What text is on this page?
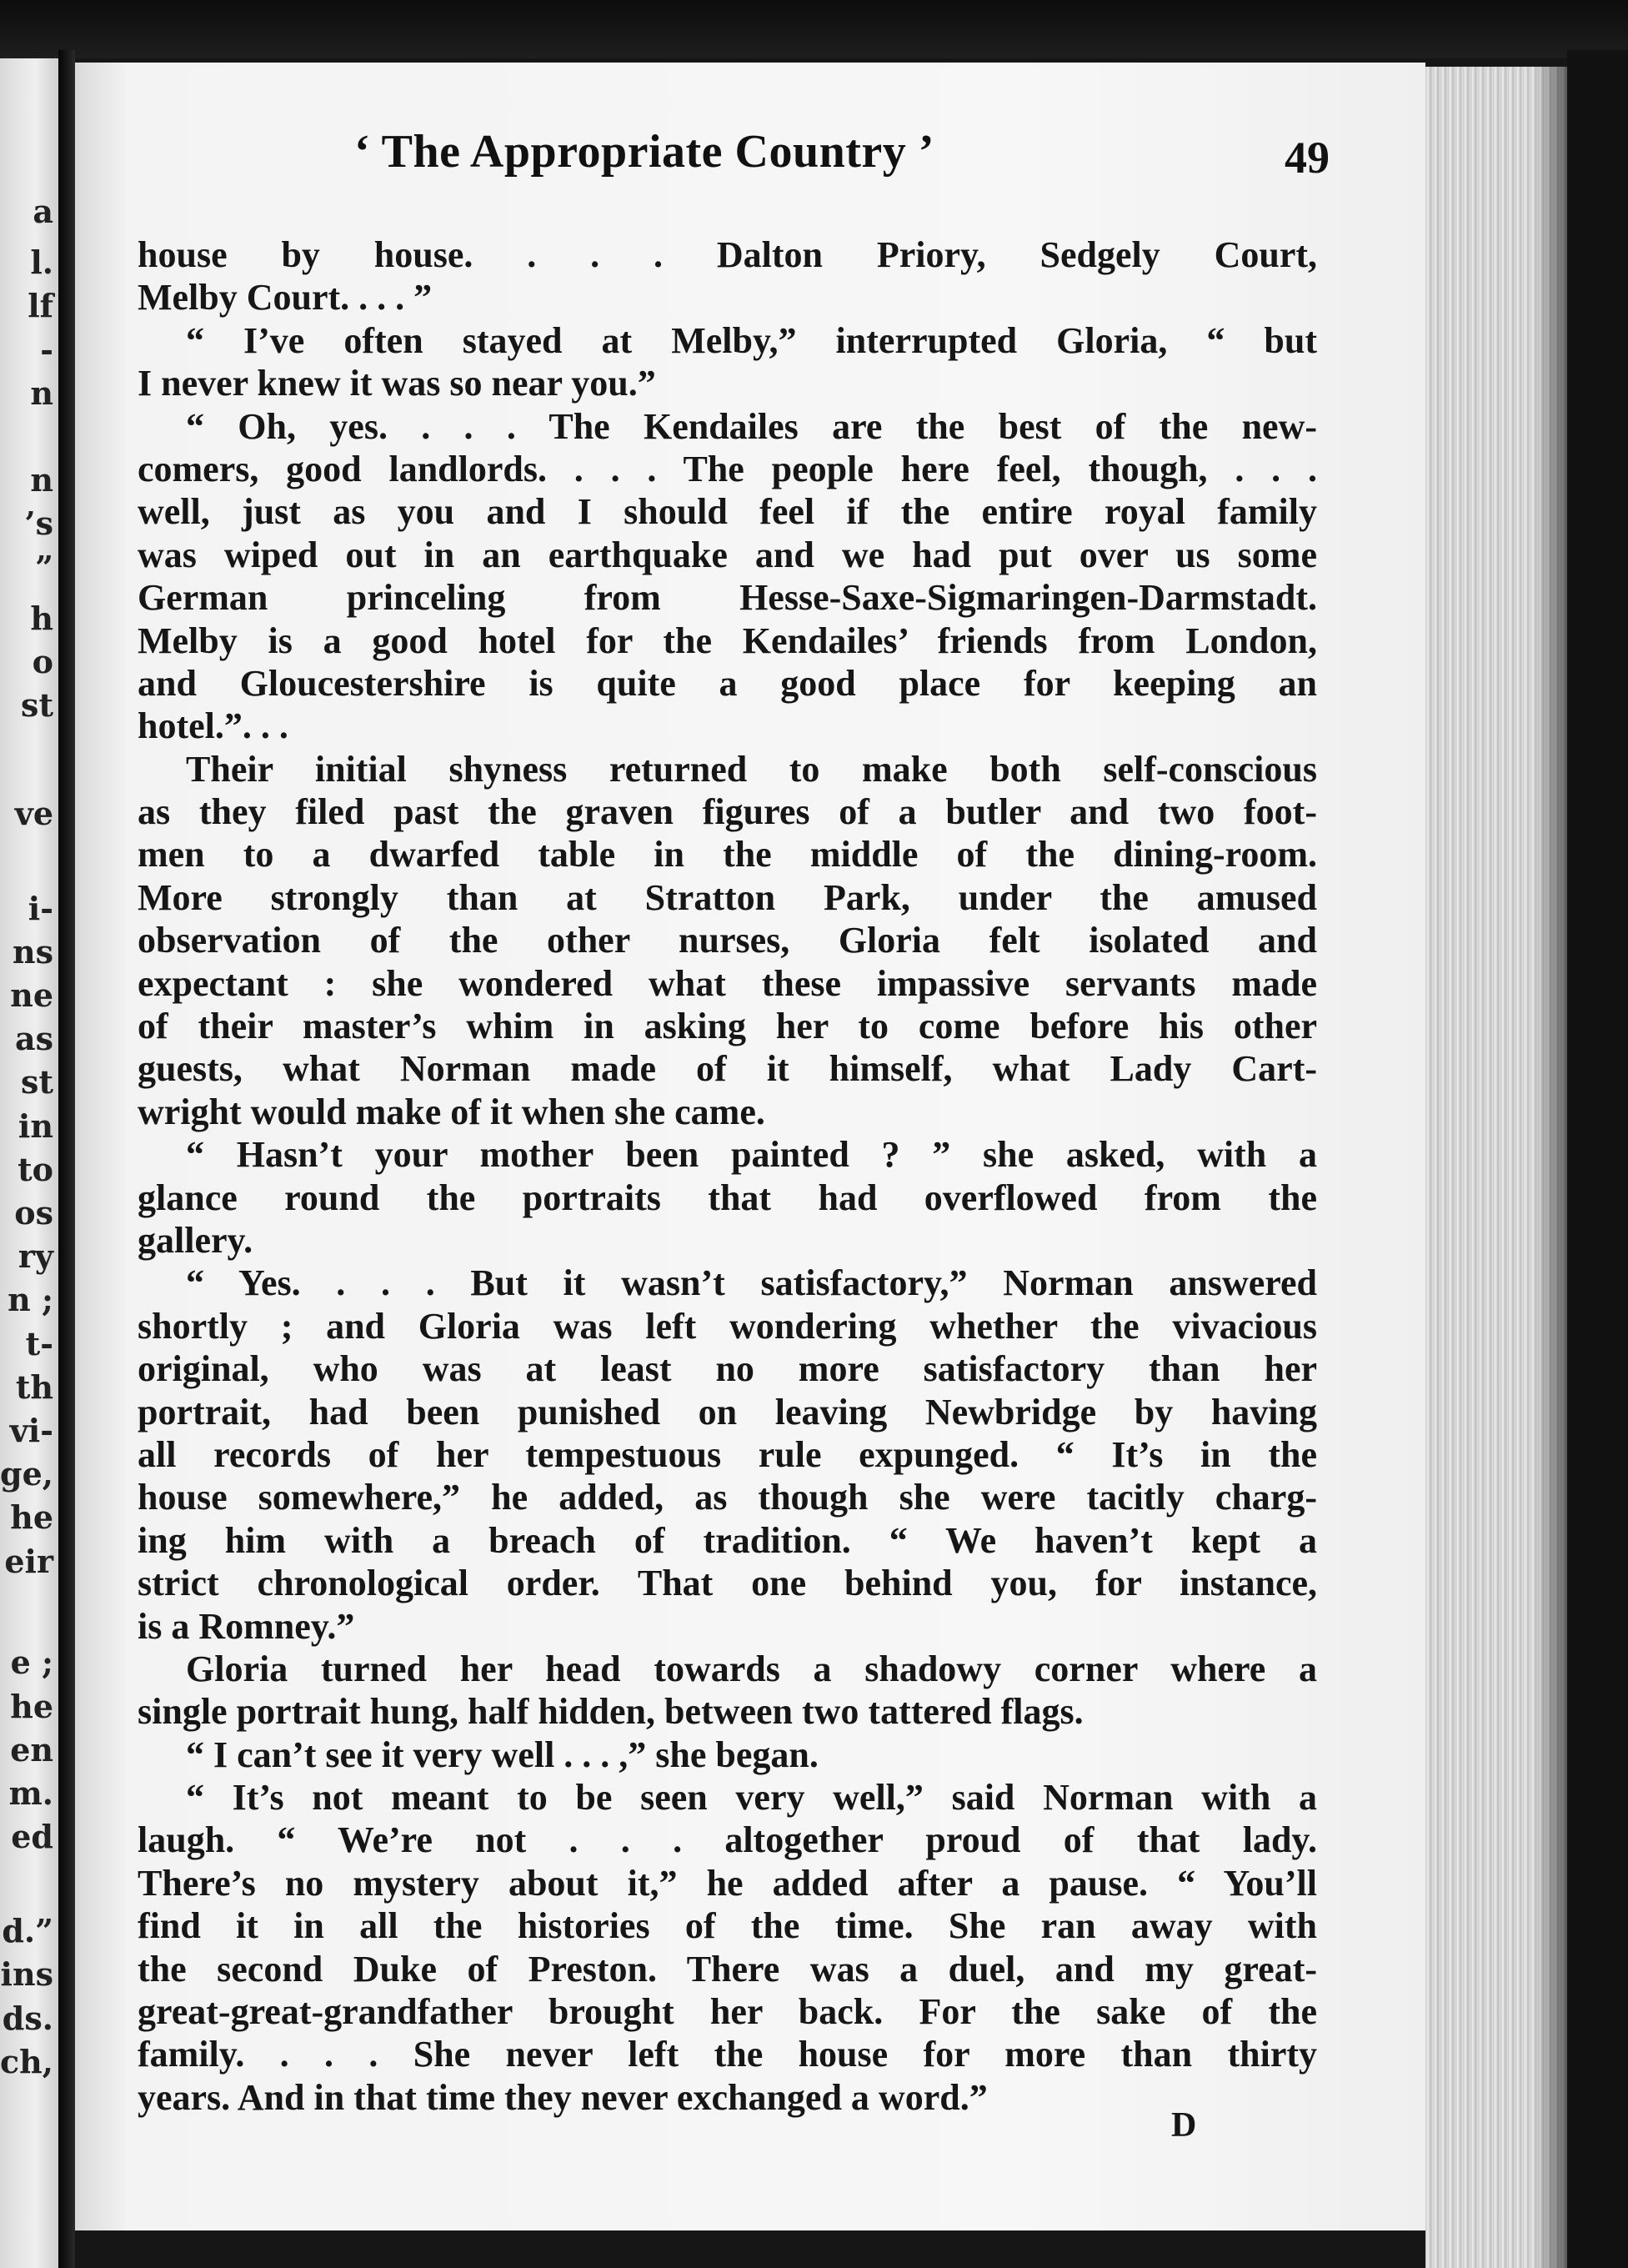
a
l.
lf
-
n
n
’s
”
h
o
st
ve
i-
ns
ne
as
st
in
to
os
ry
n ;
t-
th
vi-
ge,
he
eir
e ;
he
en
m.
ed
d.”
ins
ds.
ch,
‘ The Appropriate Country ’	49
house by house. . . . Dalton Priory, Sedgely Court,
Melby Court. . . . ”
“ I’ve often stayed at Melby,” interrupted Gloria, “ but
I never knew it was so near you.”
“ Oh, yes. . . . The Kendailes are the best of the new-
comers, good landlords. . . . The people here feel, though, . . .
well, just as you and I should feel if the entire royal family
was wiped out in an earthquake and we had put over us some
German princeling from Hesse-Saxe-Sigmaringen-Darmstadt.
Melby is a good hotel for the Kendailes’ friends from London,
and Gloucestershire is quite a good place for keeping an
hotel.”. . .
Their initial shyness returned to make both self-conscious
as they filed past the graven figures of a butler and two foot-
men to a dwarfed table in the middle of the dining-room.
More strongly than at Stratton Park, under the amused
observation of the other nurses, Gloria felt isolated and
expectant : she wondered what these impassive servants made
of their master’s whim in asking her to come before his other
guests, what Norman made of it himself, what Lady Cart-
wright would make of it when she came.
“ Hasn’t your mother been painted ? ” she asked, with a
glance round the portraits that had overflowed from the
gallery.
“ Yes. . . . But it wasn’t satisfactory,” Norman answered
shortly ; and Gloria was left wondering whether the vivacious
original, who was at least no more satisfactory than her
portrait, had been punished on leaving Newbridge by having
all records of her tempestuous rule expunged. “ It’s in the
house somewhere,” he added, as though she were tacitly charg-
ing him with a breach of tradition. “ We haven’t kept a
strict chronological order. That one behind you, for instance,
is a Romney.”
Gloria turned her head towards a shadowy corner where a
single portrait hung, half hidden, between two tattered flags.
“ I can’t see it very well . . . ,” she began.
“ It’s not meant to be seen very well,” said Norman with a
laugh. “ We’re not . . . altogether proud of that lady.
There’s no mystery about it,” he added after a pause. “ You’ll
find it in all the histories of the time. She ran away with
the second Duke of Preston. There was a duel, and my great-
great-great-grandfather brought her back. For the sake of the
family. . . . She never left the house for more than thirty
years. And in that time they never exchanged a word.”
D
